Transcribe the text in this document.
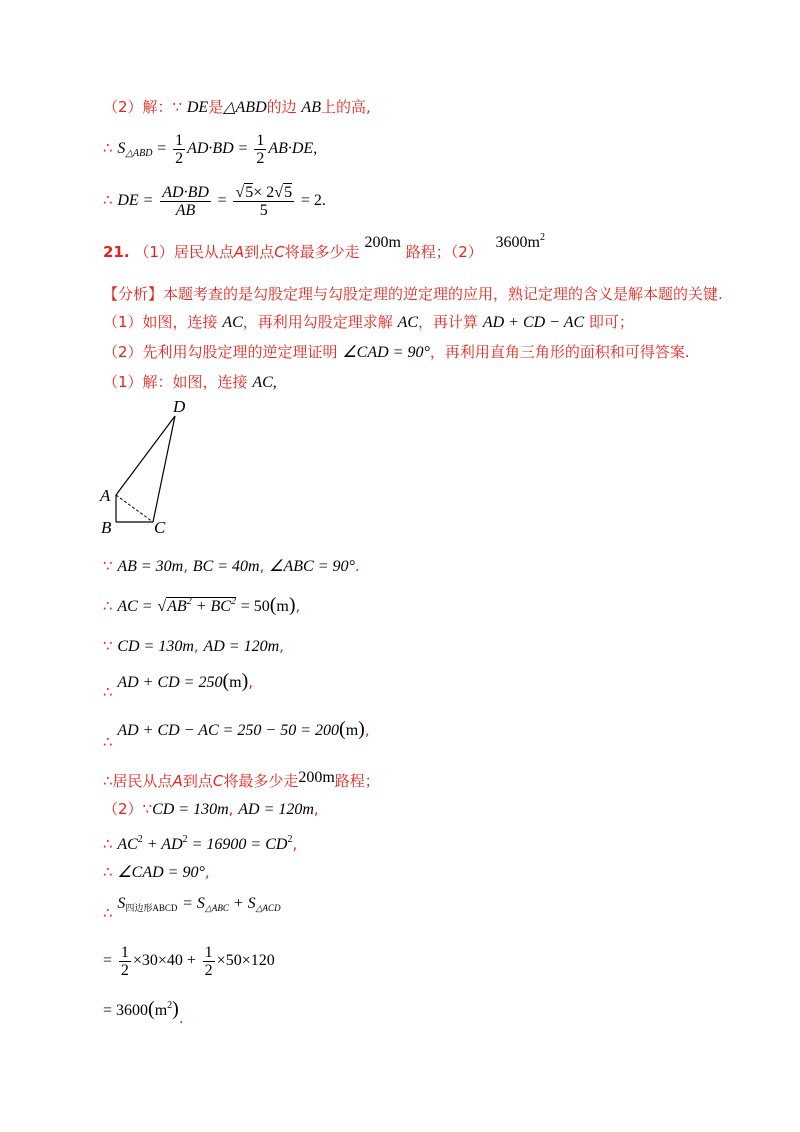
（2）解：∵ DE是△ABD的边 AB上的高,
∴ $S_{\triangle ABD} = \frac{1}{2} AD\cdot BD = \frac{1}{2} AB\cdot DE$,
∴ DE = $\frac{AD\cdot BD}{AB} = \frac{√5\times 2√5}{5} = 2$.
21. （1）居民从点A到点C将最多少走 200m 路程；（2） $3600m^2$
【分析】本题考查的是勾股定理与勾股定理的逆定理的应用，熟记定理的含义是解本题的关键.
（1）如图，连接 AC，再利用勾股定理求解 AC，再计算 AD + CD − AC 即可；
（2）先利用勾股定理的逆定理证明 ∠CAD = 90°，再利用直角三角形的面积和可得答案.
（1）解：如图，连接 AC,
D
A
B	C
∵ AB = 30m, BC = 40m, ∠ABC = 90°.
∴ AC = $√AB^2 + BC^2 = 50(m)$,
∵ CD = 130m, AD = 120m,
∴ AD + CD = 250(m),
∴ AD + CD − AC = 250 − 50 = 200(m),
∴居民从点A到点C将最多少走200m路程；
（2）∵CD = 130m, AD = 120m,
∴ $AC^2 + AD^2 = 16900 = CD^2$,
∴ ∠CAD = 90°,
∴ $S_{四边形ABCD} = S_{\triangle ABC} + S_{\triangle ACD}$
= $\frac{1}{2} \times 30\times 40 + \frac{1}{2} \times 50\times 120$
= $3600(m^2)$.
